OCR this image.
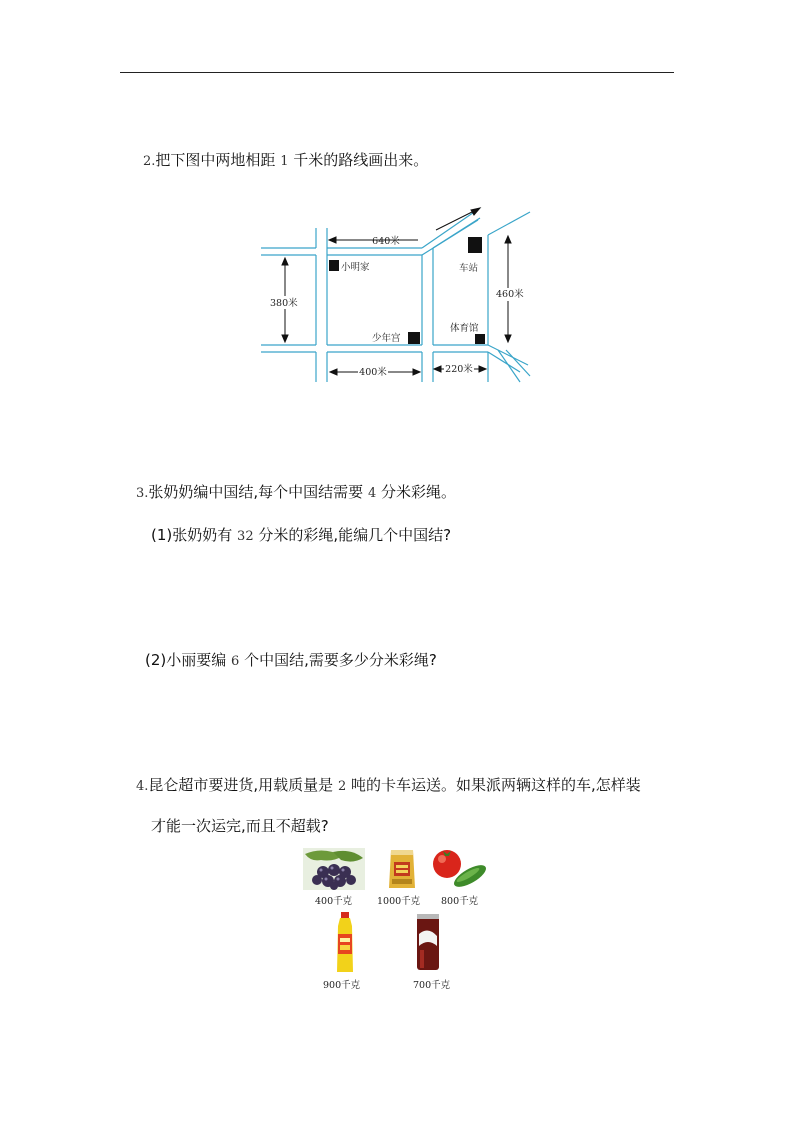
2.把下图中两地相距 1 千米的路线画出来。
小明家	车站
少年宫
体育馆
640米
380米
460米
400米	220米
3.张奶奶编中国结,每个中国结需要 4 分米彩绳。
(1)张奶奶有 32 分米的彩绳,能编几个中国结?
(2)小丽要编 6 个中国结,需要多少分米彩绳?
4.昆仑超市要进货,用载质量是 2 吨的卡车运送。如果派两辆这样的车,怎样装
才能一次运完,而且不超载?
400千克	1000千克 800千克
900千克	700千克
